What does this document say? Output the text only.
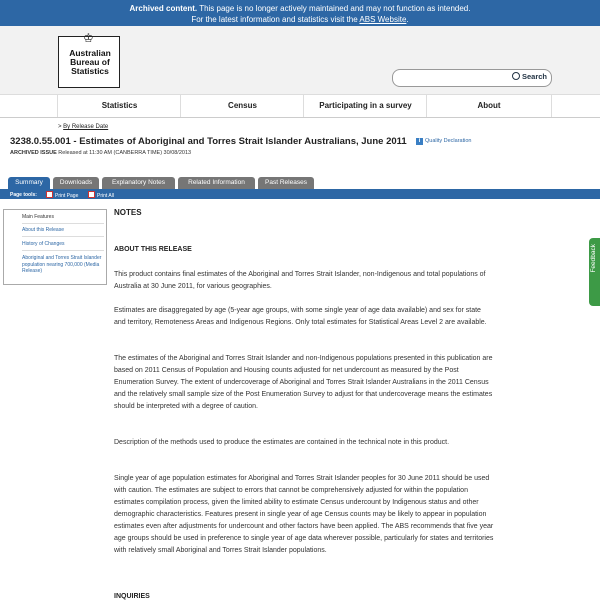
Archived content. This page is no longer actively maintained and may not function as intended.
For the latest information and statistics visit the ABS Website.
♔
Australian Bureau of Statistics
Search
Statistics	Census	Participating in a survey	About
> By Release Date
3238.0.55.001 - Estimates of Aboriginal and Torres Strait Islander Australians, June 2011	i Quality Declaration
ARCHIVED ISSUE Released at 11:30 AM (CANBERRA TIME) 30/08/2013
Summary	Downloads	Explanatory Notes	Related Information	Past Releases
Page tools:	Print Page	Print All
Main Features
About this Release
History of Changes
Aboriginal and Torres Strait Islander population nearing 700,000 (Media Release)
NOTES
ABOUT THIS RELEASE

This product contains final estimates of the Aboriginal and Torres Strait Islander, non-Indigenous and total populations of Australia at 30 June 2011, for various geographies.

Estimates are disaggregated by age (5-year age groups, with some single year of age data available) and sex for state and territory, Remoteness Areas and Indigenous Regions. Only total estimates for Statistical Areas Level 2 are available.

The estimates of the Aboriginal and Torres Strait Islander and non-Indigenous populations presented in this publication are based on 2011 Census of Population and Housing counts adjusted for net undercount as measured by the Post Enumeration Survey. The extent of undercoverage of Aboriginal and Torres Strait Islander Australians in the 2011 Census and the relatively small sample size of the Post Enumeration Survey to adjust for that undercoverage means the estimates should be interpreted with a degree of caution.

Description of the methods used to produce the estimates are contained in the technical note in this product.

Single year of age population estimates for Aboriginal and Torres Strait Islander peoples for 30 June 2011 should be used with caution. The estimates are subject to errors that cannot be comprehensively adjusted for within the population estimates compilation process, given the limited ability to estimate Census undercount by Indigenous status and other demographic characteristics. Features present in single year of age Census counts may be likely to appear in population estimates even after adjustments for undercount and other factors have been applied. The ABS recommends that five year age groups should be used in preference to single year of age data wherever possible, particularly for states and territories with relatively small Aboriginal and Torres Strait Islander populations.

INQUIRIES
Feedback
